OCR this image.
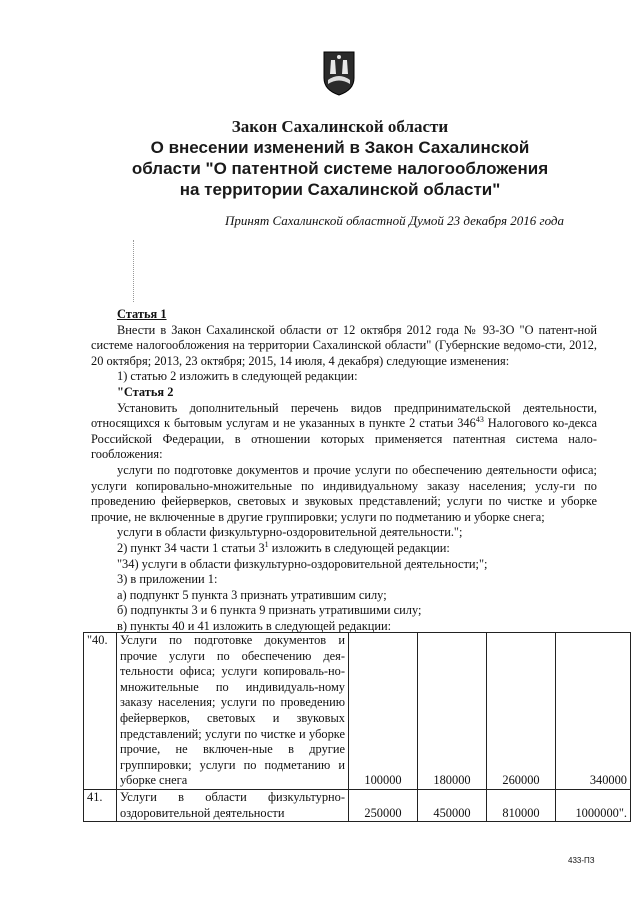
Закон Сахалинской области
О внесении изменений в Закон Сахалинской
области "О патентной системе налогообложения
на территории Сахалинской области"
Принят Сахалинской областной Думой 23 декабря 2016 года

Статья 1

Внести в Закон Сахалинской области от 12 октября 2012 года № 93-ЗО "О патент-ной системе налогообложения на территории Сахалинской области" (Губернские ведомо-сти, 2012, 20 октября; 2013, 23 октября; 2015, 14 июля, 4 декабря) следующие изменения:

1) статью 2 изложить в следующей редакции:

"Статья 2

Установить дополнительный перечень видов предпринимательской деятельности, относящихся к бытовым услугам и не указанных в пункте 2 статьи $346^{43}$ Налогового ко-декса Российской Федерации, в отношении которых применяется патентная система нало-гообложения:

услуги по подготовке документов и прочие услуги по обеспечению деятельности офиса; услуги копировально-множительные по индивидуальному заказу населения; услу-ги по проведению фейерверков, световых и звуковых представлений; услуги по чистке и уборке прочие, не включенные в другие группировки; услуги по подметанию и уборке снега;

услуги в области физкультурно-оздоровительной деятельности.";

2) пункт 34 части 1 статьи $3^1$ изложить в следующей редакции:

"34) услуги в области физкультурно-оздоровительной деятельности;";

3) в приложении 1:

а) подпункт 5 пункта 3 признать утратившим силу;

б) подпункты 3 и 6 пункта 9 признать утратившими силу;

в) пункты 40 и 41 изложить в следующей редакции:

"40.	Услуги по подготовке документов и прочие услуги по обеспечению дея-тельности офиса; услуги копироваль-но-множительные по индивидуаль-ному заказу населения; услуги по проведению фейерверков, световых и звуковых представлений; услуги по чистке и уборке прочие, не включен-ные в другие группировки; услуги по подметанию и уборке снега	100000	180000	260000	340000
41.	Услуги в области физкультурно-оздоровительной деятельности	250000	450000	810000	1000000".
433-ПЗ
